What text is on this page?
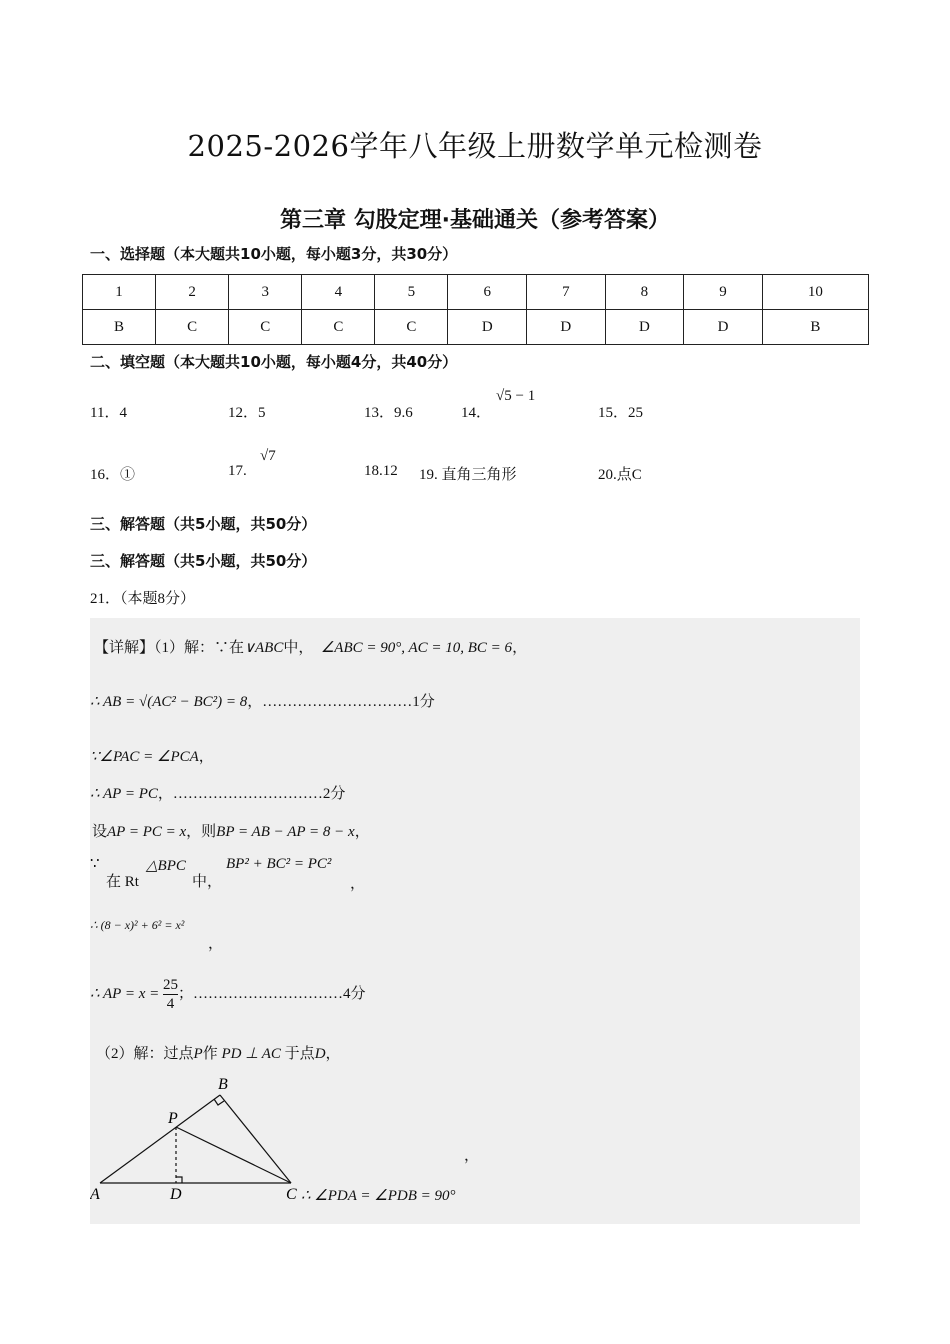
2025-2026学年八年级上册数学单元检测卷
第三章 勾股定理·基础通关（参考答案）
一、选择题（本大题共10小题，每小题3分，共30分）
1	2	3	4	5	6	7	8	9	10
B	C	C	C	C	D	D	D	D	B
二、填空题（本大题共10小题，每小题4分，共40分）
11．4	12．5	13．9.6	14．
√5 − 1
15．25
16．①	17.
√7
18.12 19. 直角三角形	20.点C
三、解答题（共5小题，共50分）
三、解答题（共5小题，共50分）
21．（本题8分）
【详解】（1）解：∵在∨ABC中， ∠ABC = 90°, AC = 10, BC = 6，
∴ AB = √(AC² − BC²) = 8，…………………………1分
∵∠PAC = ∠PCA，
∴ AP = PC，…………………………2分
设AP = PC = x，则BP = AB − AP = 8 − x，
∵
在 Rt
△BPC
中，
BP² + BC² = PC²
，
∴ (8 − x)² + 6² = x²
，
∴ AP = $x = \frac{25}{4}$ ；…………………………4分
（2）解：过点P作 PD ⊥ AC 于点D，
A
B
C
D
P
，
∴ ∠PDA = ∠PDB = 90°
